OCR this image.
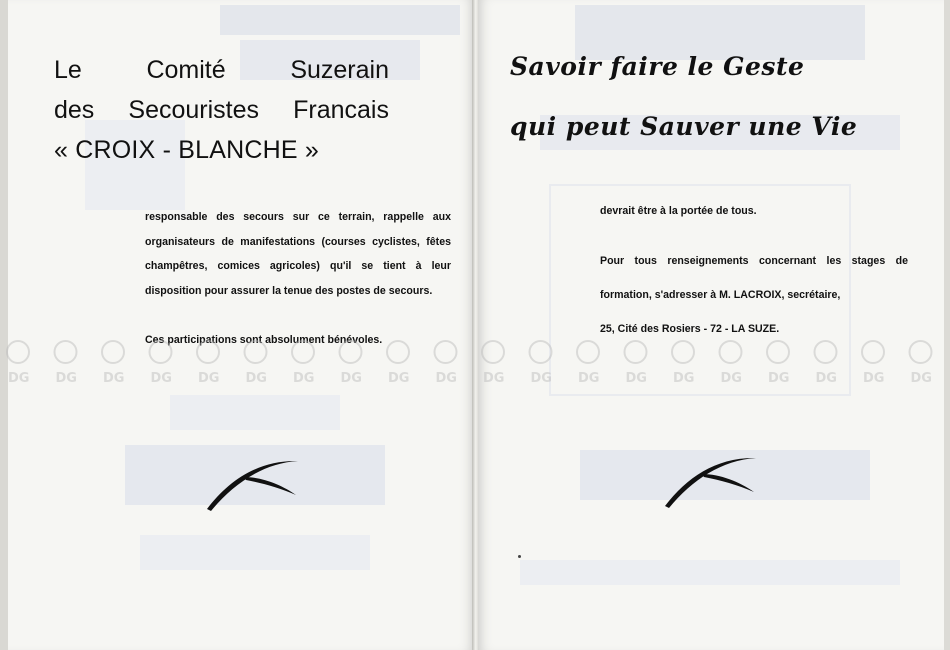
Le	Comité	Suzerain
des Secouristes Francais
« CROIX - BLANCHE »

responsable des secours sur ce terrain, rappelle aux organisateurs de manifestations (courses cyclistes, fêtes champêtres, comices agricoles) qu'il se tient à leur disposition pour assurer la tenue des postes de secours.

Ces participations sont absolument bénévoles.

Savoir faire le Geste
qui peut Sauver une Vie

devrait être à la portée de tous.

Pour tous renseignements concernant les stages de formation, s'adresser à M. LACROIX, secrétaire,

25, Cité des Rosiers - 72 - LA SUZE.

DG DG DG DG DG DG DG DG DG DG DG DG DG DG DG DG DG DG DG DG
